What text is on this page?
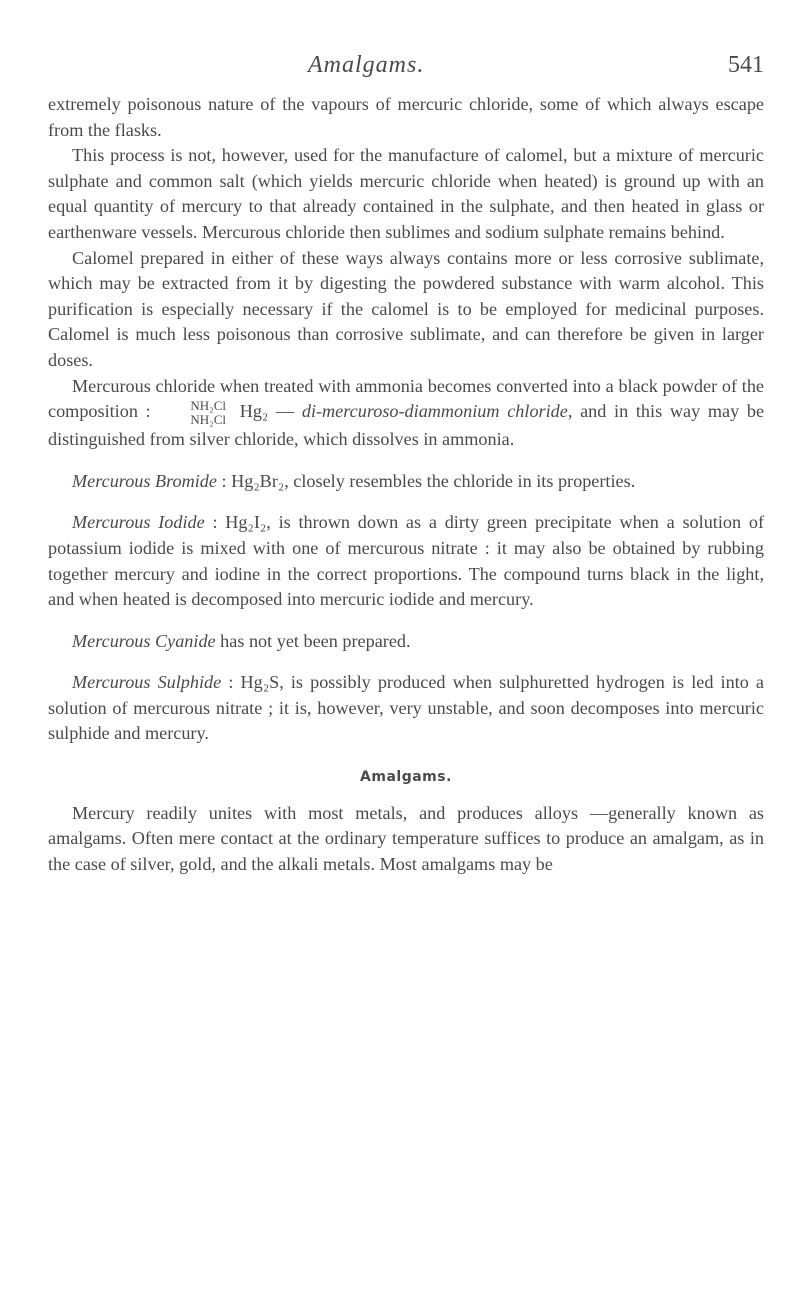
Amalgams.	541

extremely poisonous nature of the vapours of mercuric chloride, some of which always escape from the flasks.

This process is not, however, used for the manufacture of calomel, but a mixture of mercuric sulphate and common salt (which yields mercuric chloride when heated) is ground up with an equal quantity of mercury to that already contained in the sulphate, and then heated in glass or earthenware vessels. Mercurous chloride then sublimes and sodium sulphate remains behind.

Calomel prepared in either of these ways always contains more or less corrosive sublimate, which may be extracted from it by digesting the powdered substance with warm alcohol. This purification is especially necessary if the calomel is to be employed for medicinal purposes. Calomel is much less poisonous than corrosive sublimate, and can therefore be given in larger doses.

Mercurous chloride when treated with ammonia becomes converted into a black powder of the composition :	NH₂Cl
NH₂Cl Hg₂ — di-mercuroso-diammonium chloride, and in this way may be distinguished from silver chloride, which dissolves in ammonia.

Mercurous Bromide : Hg₂Br₂, closely resembles the chloride in its properties.

Mercurous Iodide : Hg₂I₂, is thrown down as a dirty green precipitate when a solution of potassium iodide is mixed with one of mercurous nitrate : it may also be obtained by rubbing together mercury and iodine in the correct proportions. The compound turns black in the light, and when heated is decomposed into mercuric iodide and mercury.

Mercurous Cyanide has not yet been prepared.

Mercurous Sulphide : Hg₂S, is possibly produced when sulphuretted hydrogen is led into a solution of mercurous nitrate ; it is, however, very unstable, and soon decomposes into mercuric sulphide and mercury.

Amalgams.

Mercury readily unites with most metals, and produces alloys —generally known as amalgams. Often mere contact at the ordinary temperature suffices to produce an amalgam, as in the case of silver, gold, and the alkali metals. Most amalgams may be
